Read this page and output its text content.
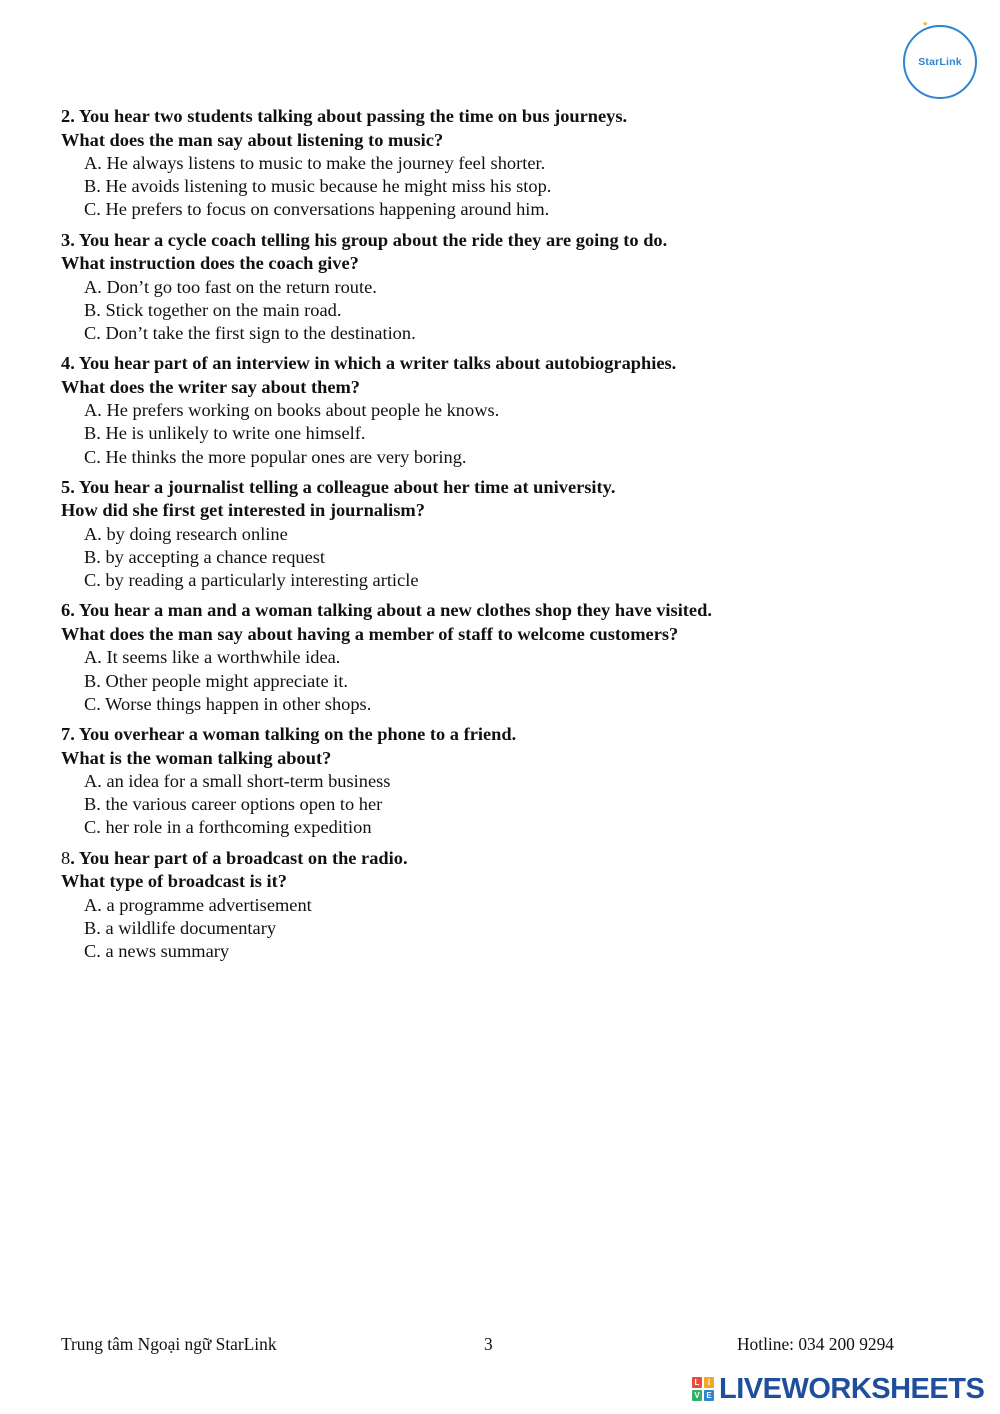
StarLink
★
2. You hear two students talking about passing the time on bus journeys.
What does the man say about listening to music?
A. He always listens to music to make the journey feel shorter.
B. He avoids listening to music because he might miss his stop.
C. He prefers to focus on conversations happening around him.
3. You hear a cycle coach telling his group about the ride they are going to do.
What instruction does the coach give?
A. Don’t go too fast on the return route.
B. Stick together on the main road.
C. Don’t take the first sign to the destination.
4. You hear part of an interview in which a writer talks about autobiographies.
What does the writer say about them?
A. He prefers working on books about people he knows.
B. He is unlikely to write one himself.
C. He thinks the more popular ones are very boring.
5. You hear a journalist telling a colleague about her time at university.
How did she first get interested in journalism?
A. by doing research online
B. by accepting a chance request
C. by reading a particularly interesting article
6. You hear a man and a woman talking about a new clothes shop they have visited.
What does the man say about having a member of staff to welcome customers?
A. It seems like a worthwhile idea.
B. Other people might appreciate it.
C. Worse things happen in other shops.
7. You overhear a woman talking on the phone to a friend.
What is the woman talking about?
A. an idea for a small short-term business
B. the various career options open to her
C. her role in a forthcoming expedition
8. You hear part of a broadcast on the radio.
What type of broadcast is it?
A. a programme advertisement
B. a wildlife documentary
C. a news summary
Trung tâm Ngoại ngữ StarLink	3	Hotline: 034 200 9294
L	I
V E LIVEWORKSHEETS
